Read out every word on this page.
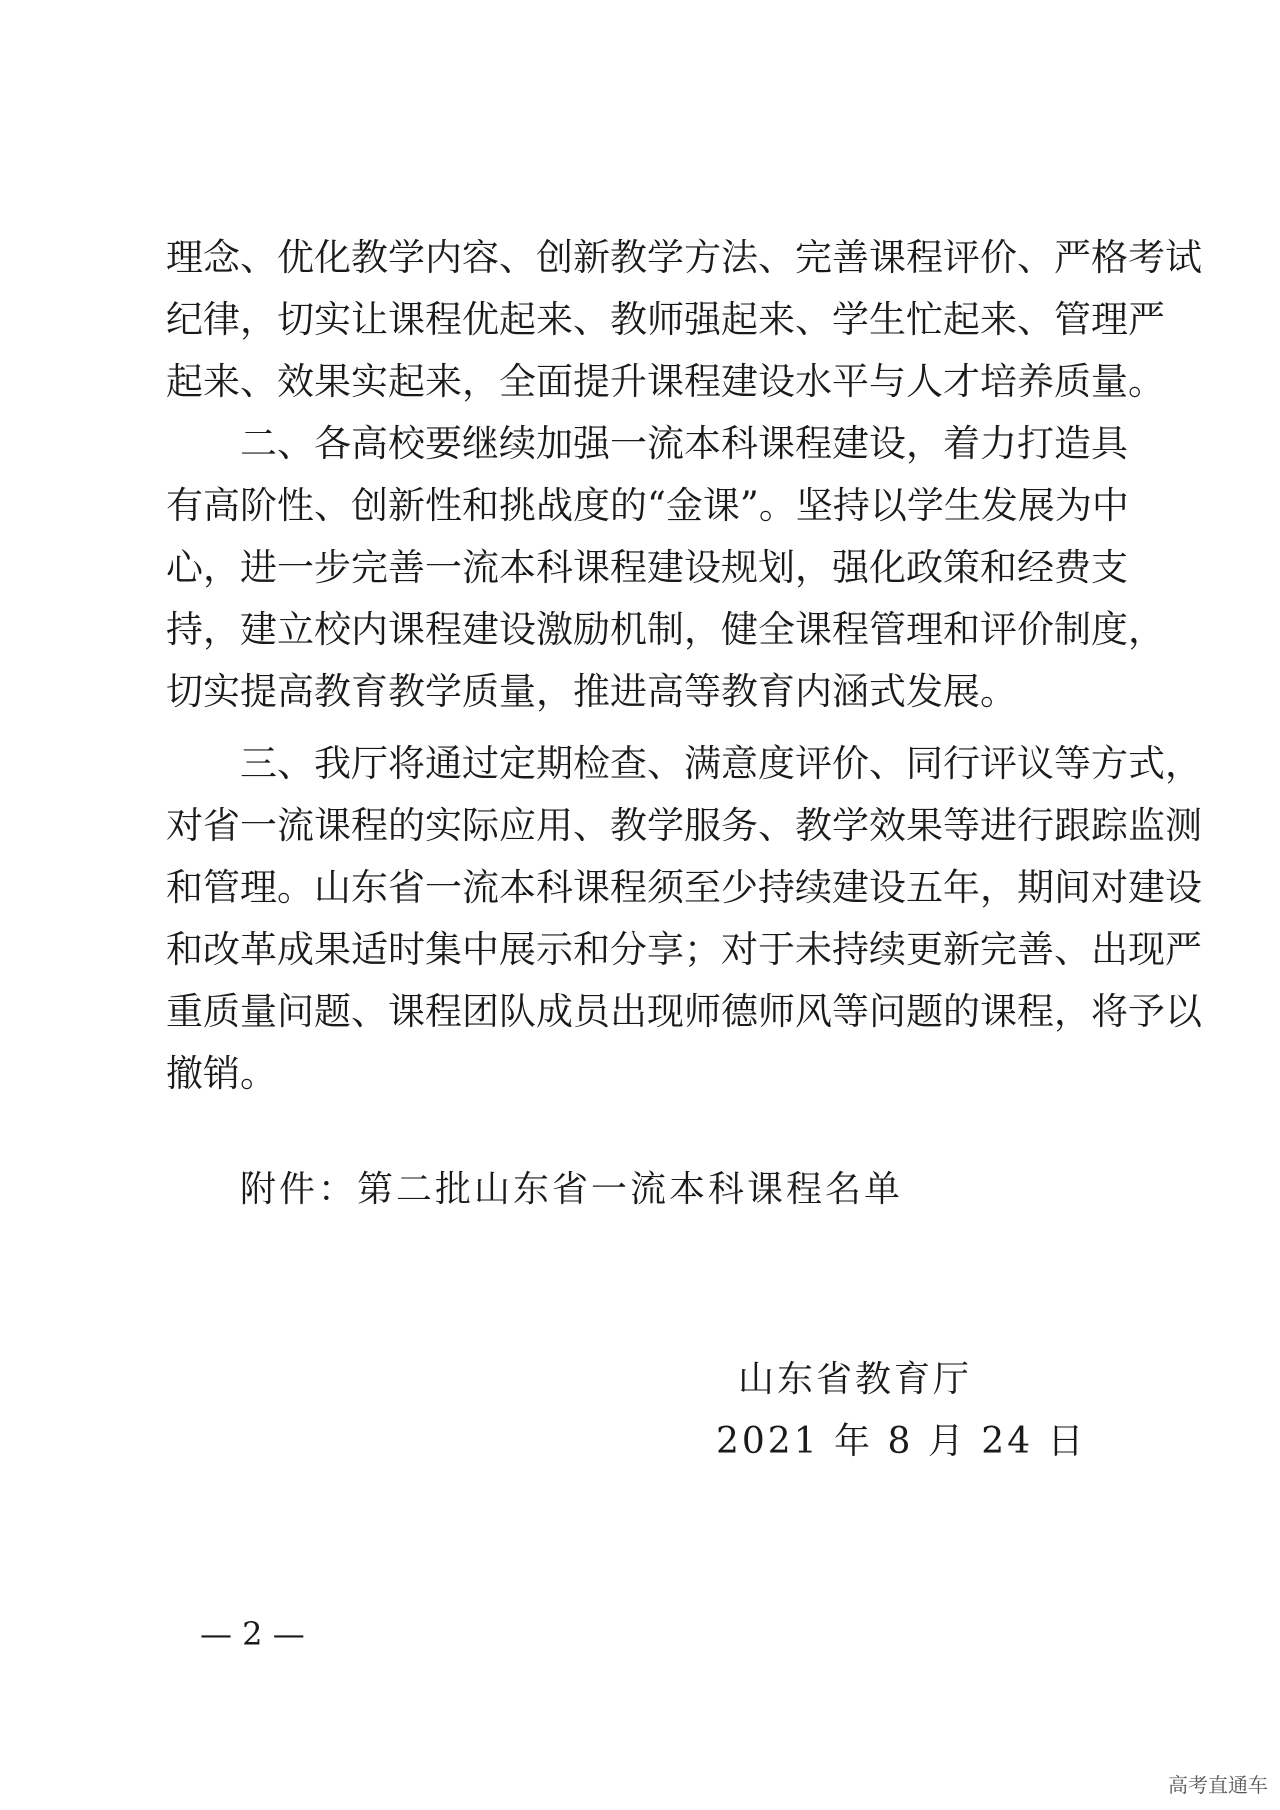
理念、优化教学内容、创新教学方法、完善课程评价、严格考试
纪律，切实让课程优起来、教师强起来、学生忙起来、管理严
起来、效果实起来，全面提升课程建设水平与人才培养质量。
二、各高校要继续加强一流本科课程建设，着力打造具
有高阶性、创新性和挑战度的“金课”。坚持以学生发展为中
心，进一步完善一流本科课程建设规划，强化政策和经费支
持，建立校内课程建设激励机制，健全课程管理和评价制度，
切实提高教育教学质量，推进高等教育内涵式发展。
三、我厅将通过定期检查、满意度评价、同行评议等方式，
对省一流课程的实际应用、教学服务、教学效果等进行跟踪监测
和管理。山东省一流本科课程须至少持续建设五年，期间对建设
和改革成果适时集中展示和分享；对于未持续更新完善、出现严
重质量问题、课程团队成员出现师德师风等问题的课程，将予以
撤销。
附件：第二批山东省一流本科课程名单
山东省教育厅
2021 年 8 月 24 日
— 2 —
高考直通车
